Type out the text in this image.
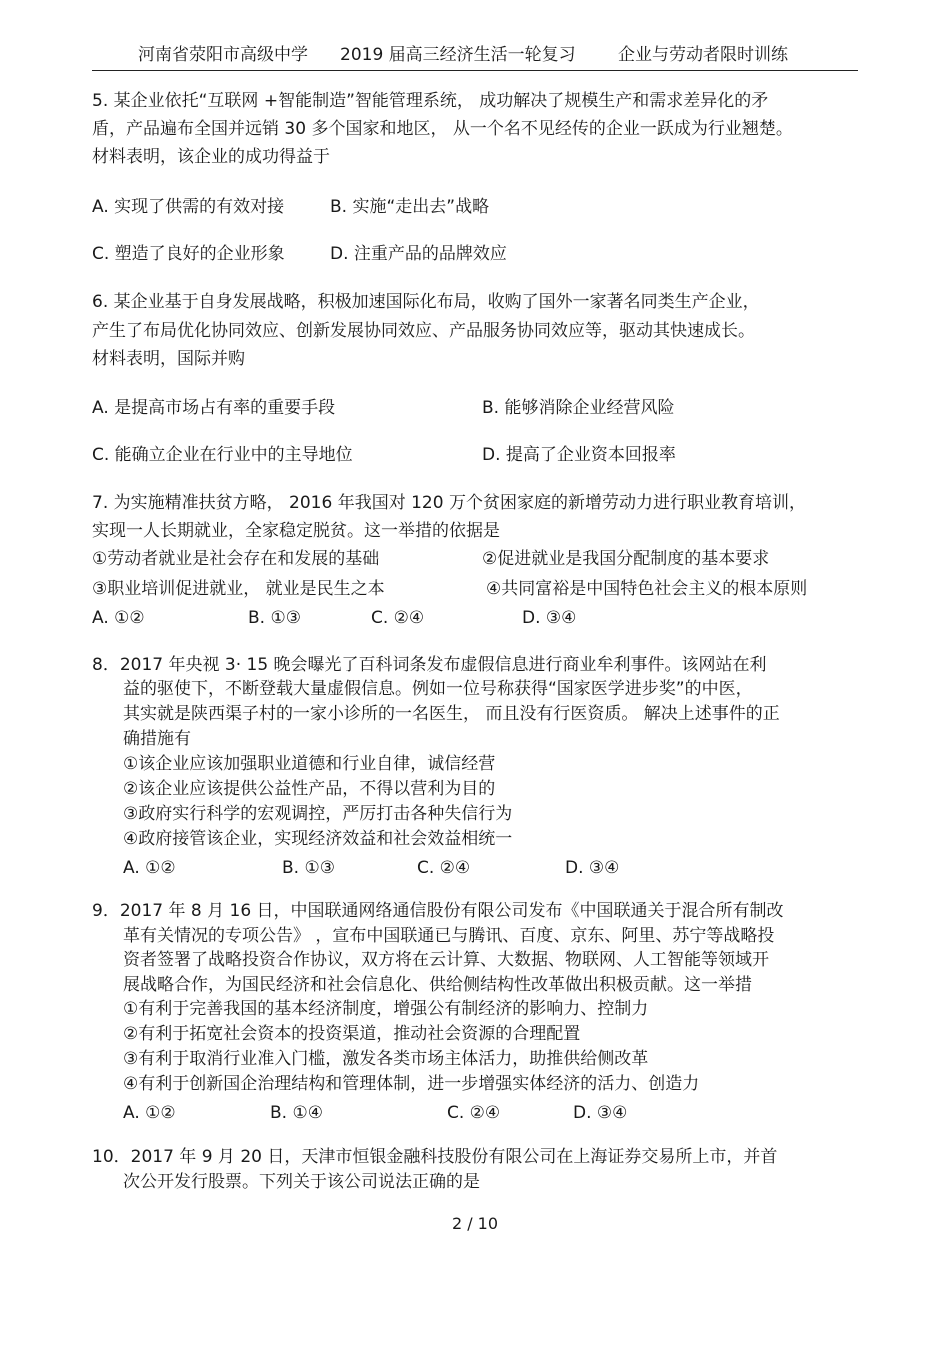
河南省荥阳市高级中学 2019 届高三经济生活一轮复习 企业与劳动者限时训练
5. 某企业依托“互联网 +智能制造”智能管理系统， 成功解决了规模生产和需求差异化的矛
盾，产品遍布全国并远销 30 多个国家和地区， 从一个名不见经传的企业一跃成为行业翘楚。
材料表明，该企业的成功得益于
A. 实现了供需的有效对接	B. 实施“走出去”战略
C. 塑造了良好的企业形象	D. 注重产品的品牌效应
6. 某企业基于自身发展战略，积极加速国际化布局，收购了国外一家著名同类生产企业，
产生了布局优化协同效应、创新发展协同效应、产品服务协同效应等，驱动其快速成长。
材料表明，国际并购
A. 是提高市场占有率的重要手段	B. 能够消除企业经营风险
C. 能确立企业在行业中的主导地位	D. 提高了企业资本回报率
7. 为实施精准扶贫方略， 2016 年我国对 120 万个贫困家庭的新增劳动力进行职业教育培训，
实现一人长期就业，全家稳定脱贫。这一举措的依据是
①劳动者就业是社会存在和发展的基础	②促进就业是我国分配制度的基本要求
③职业培训促进就业， 就业是民生之本	④共同富裕是中国特色社会主义的根本原则
A. ①②	B. ①③	C. ②④	D. ③④
8．2017 年央视 3· 15 晚会曝光了百科词条发布虚假信息进行商业牟利事件。该网站在利
益的驱使下，不断登载大量虚假信息。例如一位号称获得“国家医学进步奖”的中医，
其实就是陕西渠子村的一家小诊所的一名医生， 而且没有行医资质。 解决上述事件的正
确措施有
①该企业应该加强职业道德和行业自律，诚信经营
②该企业应该提供公益性产品，不得以营利为目的
③政府实行科学的宏观调控，严厉打击各种失信行为
④政府接管该企业，实现经济效益和社会效益相统一
A. ①②	B. ①③	C. ②④	D. ③④
9．2017 年 8 月 16 日，中国联通网络通信股份有限公司发布《中国联通关于混合所有制改
革有关情况的专项公告》 ，宣布中国联通已与腾讯、百度、京东、阿里、苏宁等战略投
资者签署了战略投资合作协议，双方将在云计算、大数据、物联网、人工智能等领域开
展战略合作，为国民经济和社会信息化、供给侧结构性改革做出积极贡献。这一举措
①有利于完善我国的基本经济制度，增强公有制经济的影响力、控制力
②有利于拓宽社会资本的投资渠道，推动社会资源的合理配置
③有利于取消行业准入门槛，激发各类市场主体活力，助推供给侧改革
④有利于创新国企治理结构和管理体制，进一步增强实体经济的活力、创造力
A. ①②	B. ①④	C. ②④	D. ③④
10．2017 年 9 月 20 日，天津市恒银金融科技股份有限公司在上海证券交易所上市，并首
次公开发行股票。下列关于该公司说法正确的是
2 / 10
